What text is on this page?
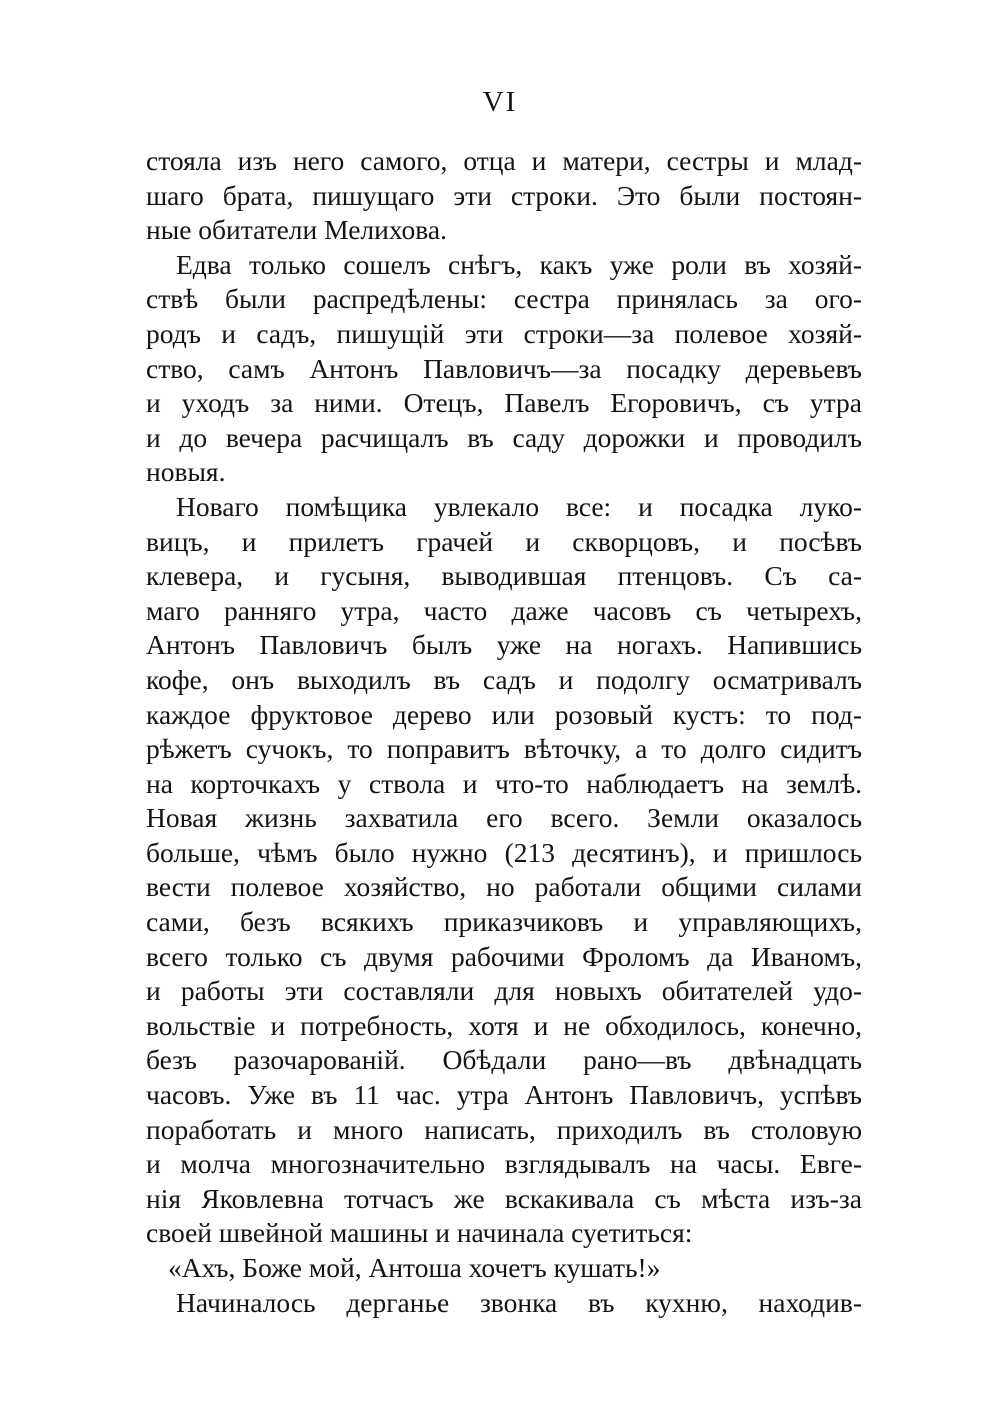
VI
стояла изъ него самого, отца и матери, сестры и млад-
шаго брата, пишущаго эти строки. Это были постоян-
ные обитатели Мелихова.
Едва только сошелъ снѣгъ, какъ уже роли въ хозяй-
ствѣ были распредѣлены: сестра принялась за ого-
родъ и садъ, пишущій эти строки—за полевое хозяй-
ство, самъ Антонъ Павловичъ—за посадку деревьевъ
и уходъ за ними. Отецъ, Павелъ Егоровичъ, съ утра
и до вечера расчищалъ въ саду дорожки и проводилъ
новыя.
Новаго помѣщика увлекало все: и посадка луко-
вицъ, и прилетъ грачей и скворцовъ, и посѣвъ
клевера, и гусыня, выводившая птенцовъ. Съ са-
маго ранняго утра, часто даже часовъ съ четырехъ,
Антонъ Павловичъ былъ уже на ногахъ. Напившись
кофе, онъ выходилъ въ садъ и подолгу осматривалъ
каждое фруктовое дерево или розовый кустъ: то под-
рѣжетъ сучокъ, то поправитъ вѣточку, а то долго сидитъ
на корточкахъ у ствола и что-то наблюдаетъ на землѣ.
Новая жизнь захватила его всего. Земли оказалось
больше, чѣмъ было нужно (213 десятинъ), и пришлось
вести полевое хозяйство, но работали общими силами
сами, безъ всякихъ приказчиковъ и управляющихъ,
всего только съ двумя рабочими Фроломъ да Иваномъ,
и работы эти составляли для новыхъ обитателей удо-
вольствіе и потребность, хотя и не обходилось, конечно,
безъ разочарованій. Обѣдали рано—въ двѣнадцать
часовъ. Уже въ 11 час. утра Антонъ Павловичъ, успѣвъ
поработать и много написать, приходилъ въ столовую
и молча многозначительно взглядывалъ на часы. Евге-
нія Яковлевна тотчасъ же вскакивала съ мѣста изъ-за
своей швейной машины и начинала суетиться:
«Ахъ, Боже мой, Антоша хочетъ кушать!»
Начиналось дерганье звонка въ кухню, находив-
